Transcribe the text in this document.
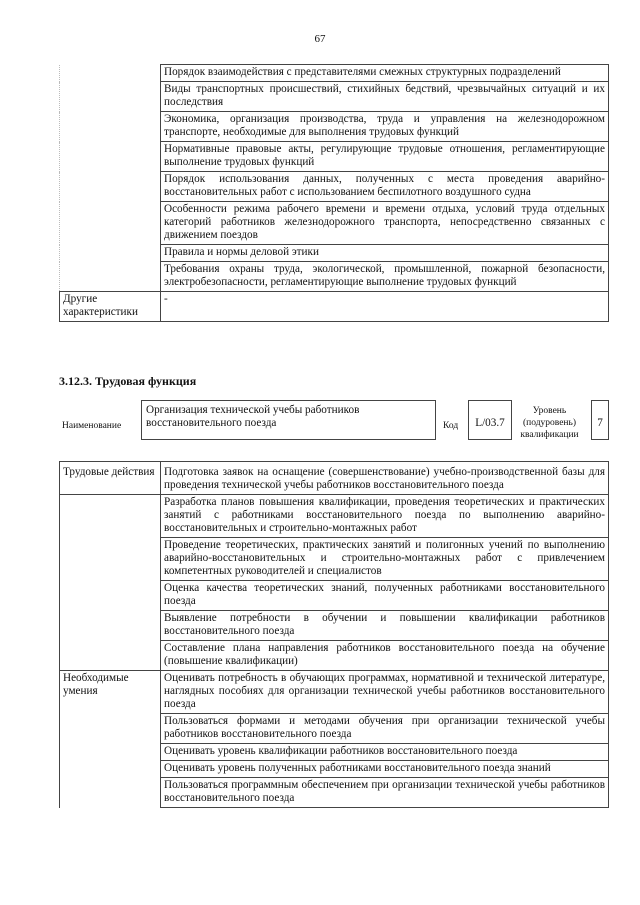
67
	Порядок взаимодействия с представителями смежных структурных подразделений
	Виды транспортных происшествий, стихийных бедствий, чрезвычайных ситуаций и их последствия
	Экономика, организация производства, труда и управления на железнодорожном транспорте, необходимые для выполнения трудовых функций
	Нормативные правовые акты, регулирующие трудовые отношения, регламентирующие выполнение трудовых функций
	Порядок использования данных, полученных с места проведения аварийно-восстановительных работ с использованием беспилотного воздушного судна
	Особенности режима рабочего времени и времени отдыха, условий труда отдельных категорий работников железнодорожного транспорта, непосредственно связанных с движением поездов
	Правила и нормы деловой этики
	Требования охраны труда, экологической, промышленной, пожарной безопасности, электробезопасности, регламентирующие выполнение трудовых функций
Другие характеристики	-
3.12.3. Трудовая функция
Наименование
Организация технической учебы работников восстановительного поезда	Код	L/03.7
Уровень (подуровень) квалификации
7
Трудовые действия	Подготовка заявок на оснащение (совершенствование) учебно-производственной базы для проведения технической учебы работников восстановительного поезда
	Разработка планов повышения квалификации, проведения теоретических и практических занятий с работниками восстановительного поезда по выполнению аварийно-восстановительных и строительно-монтажных работ
	Проведение теоретических, практических занятий и полигонных учений по выполнению аварийно-восстановительных и строительно-монтажных работ с привлечением компетентных руководителей и специалистов
	Оценка качества теоретических знаний, полученных работниками восстановительного поезда
	Выявление потребности в обучении и повышении квалификации работников восстановительного поезда
	Составление плана направления работников восстановительного поезда на обучение (повышение квалификации)
Необходимые умения	Оценивать потребность в обучающих программах, нормативной и технической литературе, наглядных пособиях для организации технической учебы работников восстановительного поезда
	Пользоваться формами и методами обучения при организации технической учебы работников восстановительного поезда
	Оценивать уровень квалификации работников восстановительного поезда
	Оценивать уровень полученных работниками восстановительного поезда знаний
	Пользоваться программным обеспечением при организации технической учебы работников восстановительного поезда
